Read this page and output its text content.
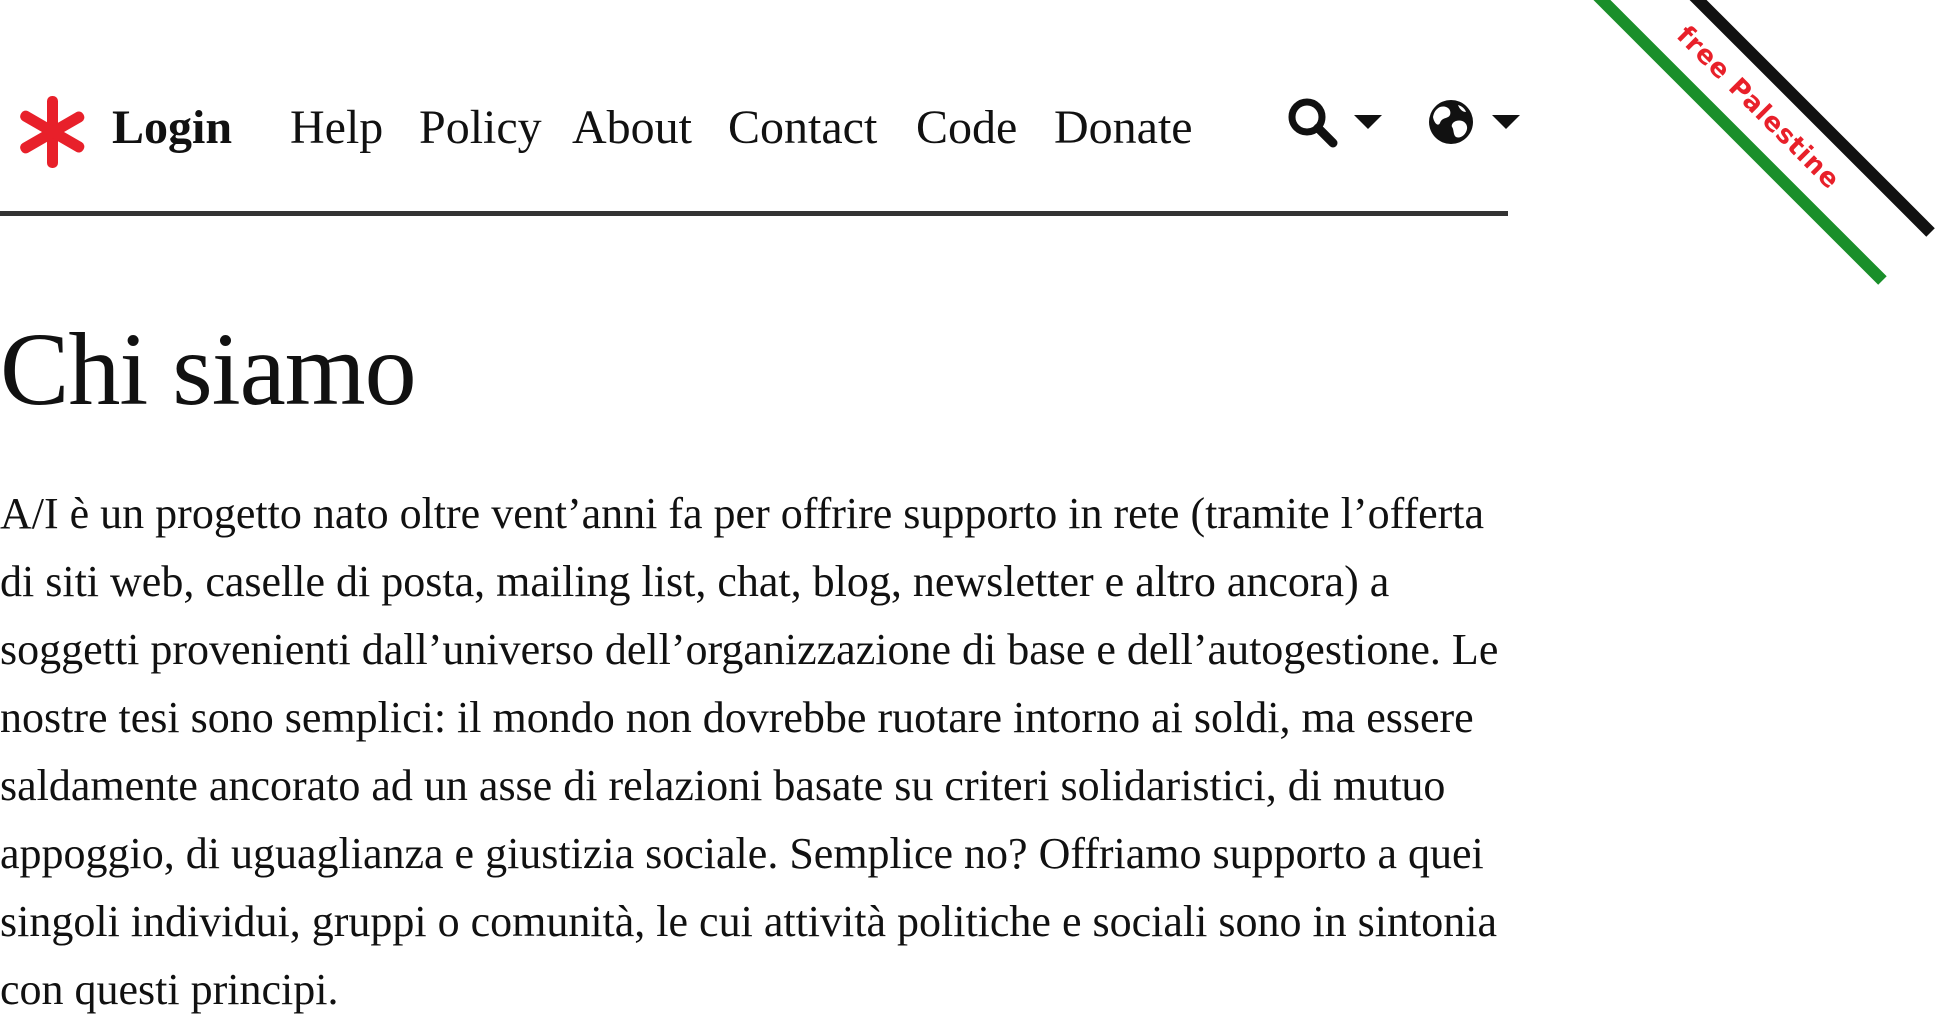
Login Help Policy About Contact Code Donate	free Palestine
Chi siamo

A/I è un progetto nato oltre vent’anni fa per offrire supporto in rete (tramite l’offerta di siti web, caselle di posta, mailing list, chat, blog, newsletter e altro ancora) a soggetti provenienti dall’universo dell’organizzazione di base e dell’autogestione. Le nostre tesi sono semplici: il mondo non dovrebbe ruotare intorno ai soldi, ma essere saldamente ancorato ad un asse di relazioni basate su criteri solidaristici, di mutuo appoggio, di uguaglianza e giustizia sociale. Semplice no? Offriamo supporto a quei singoli individui, gruppi o comunità, le cui attività politiche e sociali sono in sintonia con questi principi.
